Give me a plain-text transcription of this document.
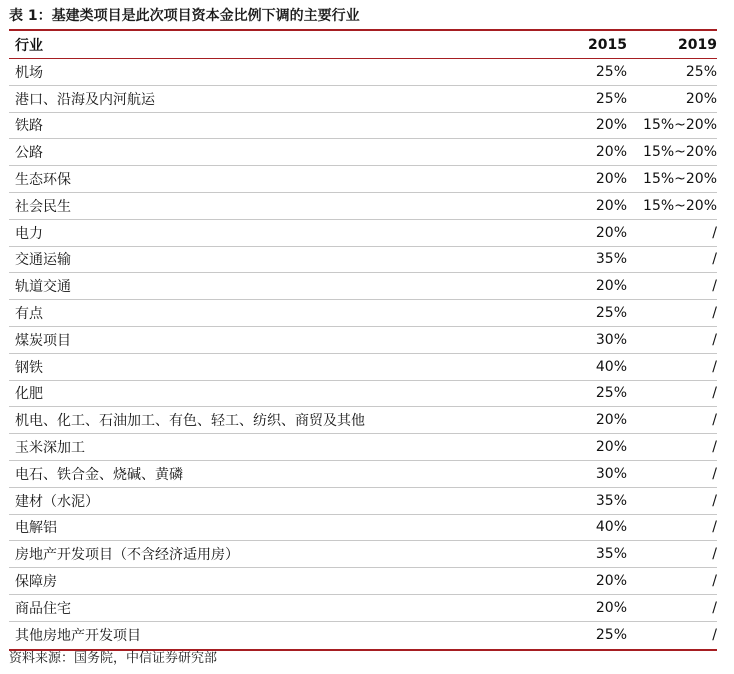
表 1：基建类项目是此次项目资本金比例下调的主要行业
行业	2015	2019
机场	25%	25%
港口、沿海及内河航运	25%	20%
铁路	20%	15%~20%
公路	20%	15%~20%
生态环保	20%	15%~20%
社会民生	20%	15%~20%
电力	20%	/
交通运输	35%	/
轨道交通	20%	/
有点	25%	/
煤炭项目	30%	/
钢铁	40%	/
化肥	25%	/
机电、化工、石油加工、有色、轻工、纺织、商贸及其他	20%	/
玉米深加工	20%	/
电石、铁合金、烧碱、黄磷	30%	/
建材（水泥）	35%	/
电解铝	40%	/
房地产开发项目（不含经济适用房）	35%	/
保障房	20%	/
商品住宅	20%	/
其他房地产开发项目	25%	/
资料来源：国务院，中信证券研究部
